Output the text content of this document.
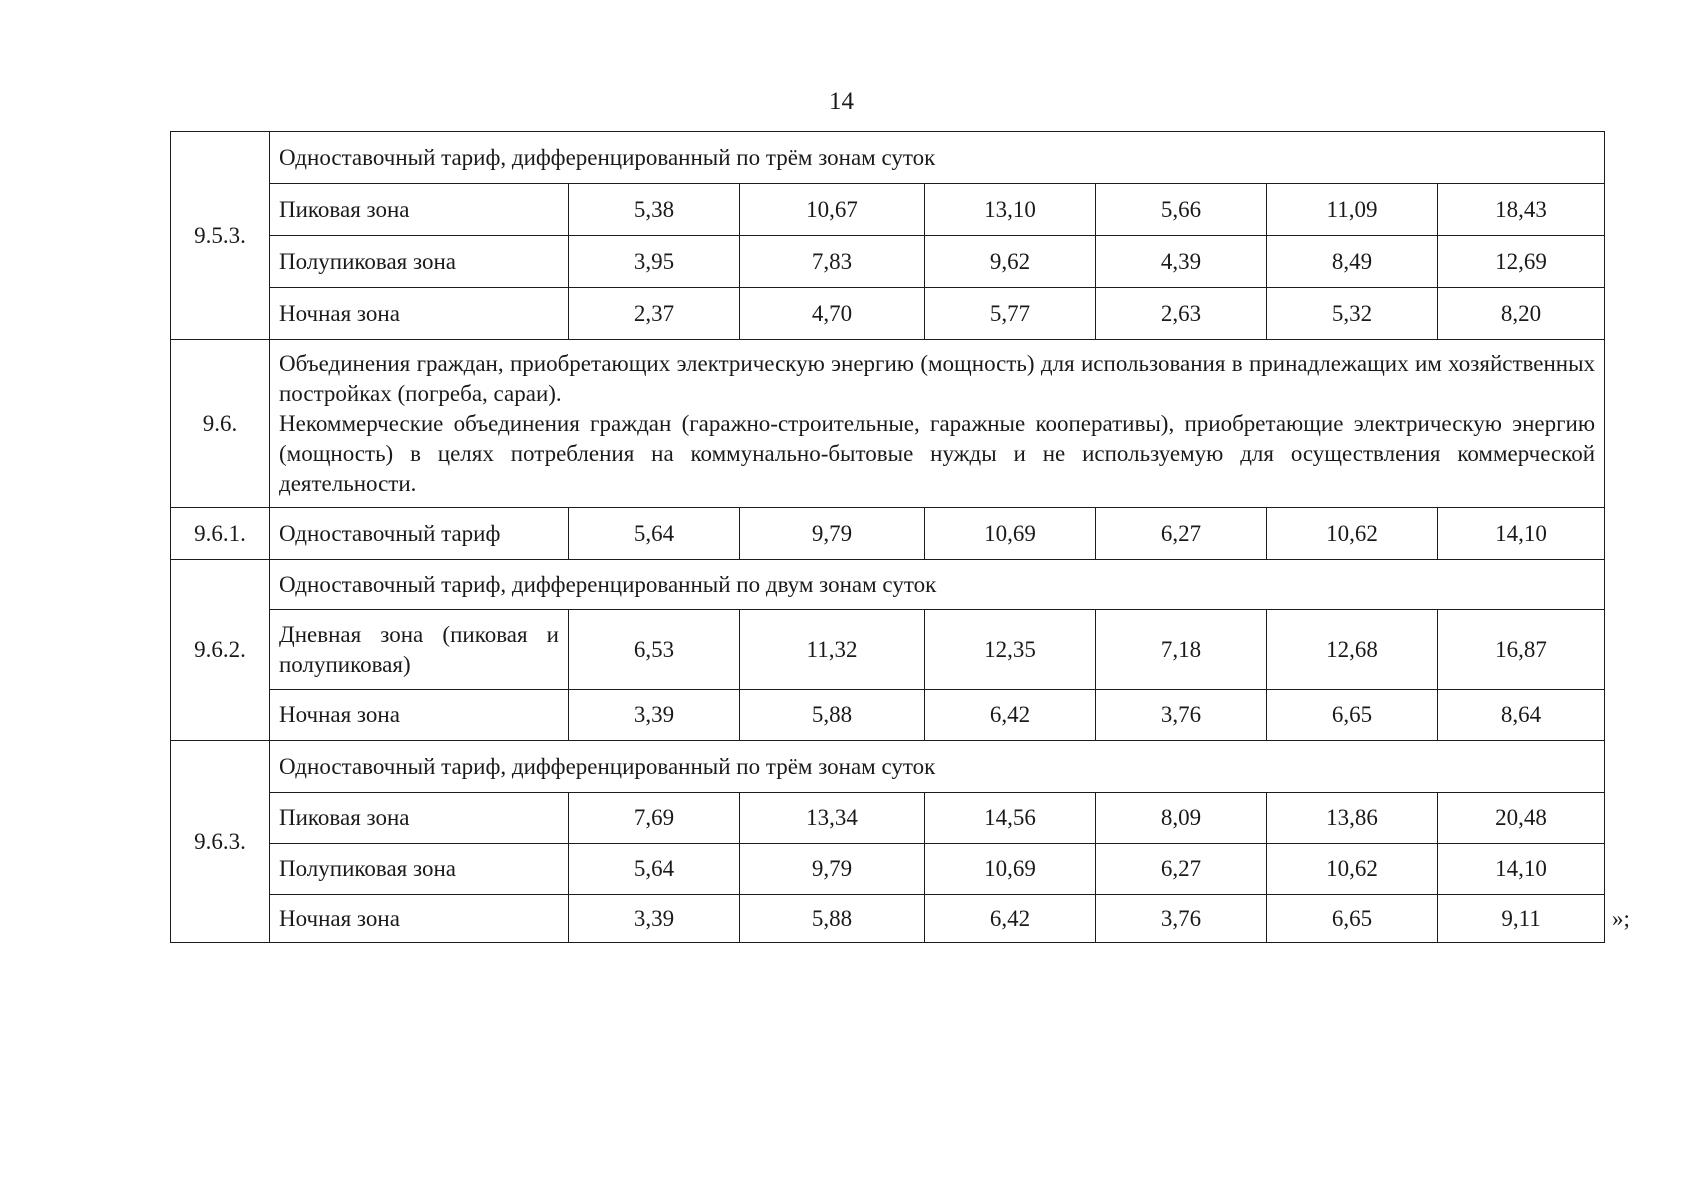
14
9.5.3.	Одноставочный тариф, дифференцированный по трём зонам суток						
	Пиковая зона	5,38	10,67	13,10	5,66	11,09	18,43
	Полупиковая зона	3,95	7,83	9,62	4,39	8,49	12,69
	Ночная зона	2,37	4,70	5,77	2,63	5,32	8,20
9.6.	Объединения граждан, приобретающих электрическую энергию (мощность) для использования в принадлежащих им хозяйственных постройках (погреба, сараи).
Некоммерческие объединения граждан (гаражно-строительные, гаражные кооперативы), приобретающие электрическую энергию (мощность) в целях потребления на коммунально-бытовые нужды и не используемую для осуществления коммерческой деятельности.						

9.6.1.	Одноставочный тариф	5,64	9,79	10,69	6,27	10,62	14,10
9.6.2.	Одноставочный тариф, дифференцированный по двум зонам суток						
	Дневная зона (пиковая и полупиковая)	6,53	11,32	12,35	7,18	12,68	16,87
	Ночная зона	3,39	5,88	6,42	3,76	6,65	8,64
9.6.3.	Одноставочный тариф, дифференцированный по трём зонам суток						
	Пиковая зона	7,69	13,34	14,56	8,09	13,86	20,48
	Полупиковая зона	5,64	9,79	10,69	6,27	10,62	14,10
	Ночная зона	3,39	5,88	6,42	3,76	6,65	9,11	»;
